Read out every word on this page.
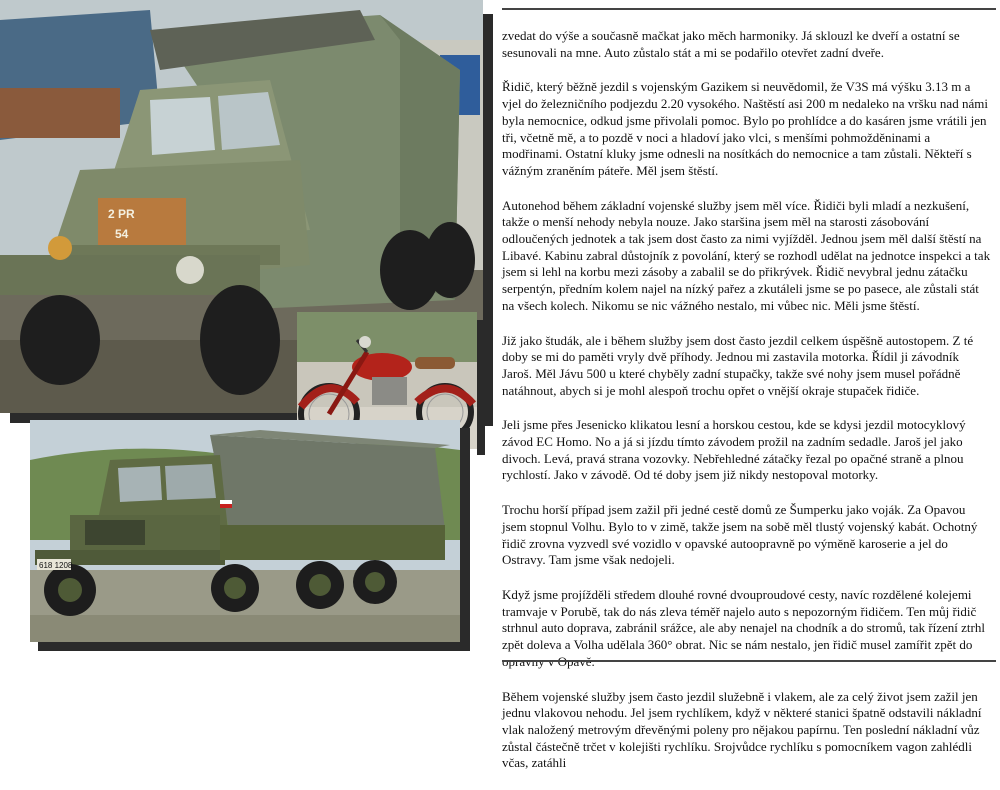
2 PR
54
618 1208

zvedat do výše a současně mačkat jako měch harmoniky. Já sklouzl ke dveří a ostatní se sesunovali na mne. Auto zůstalo stát a mi se podařilo otevřet zadní dveře.

Řidič, který běžně jezdil s vojenským Gazikem si neuvědomil, že V3S má výšku 3.13 m a vjel do železničního podjezdu 2.20 vysokého. Naštěstí asi 200 m nedaleko na vršku nad námi byla nemocnice, odkud jsme přivolali pomoc. Bylo po prohlídce a do kasáren jsme vrátili jen tři, včetně mě, a to pozdě v noci a hladoví jako vlci, s menšími pohmožděninami a modřinami. Ostatní kluky jsme odnesli na nosítkách do nemocnice a tam zůstali. Někteří s vážným zraněním páteře. Měl jsem štěstí.

Autonehod během základní vojenské služby jsem měl více. Řidiči byli mladí a nezkušení, takže o menší nehody nebyla nouze. Jako staršina jsem měl na starosti zásobování odloučených jednotek a tak jsem dost často za nimi vyjížděl. Jednou jsem měl další štěstí na Libavé. Kabinu zabral důstojník z povolání, který se rozhodl udělat na jednotce inspekci a tak jsem si lehl na korbu mezi zásoby a zabalil se do přikrývek. Řidič nevybral jednu zátačku serpentýn, předním kolem najel na nízký pařez a zkutáleli jsme se po pasece, ale zůstali stát na všech kolech. Nikomu se nic vážného nestalo, mi vůbec nic. Měli jsme štěstí.

Již jako študák, ale i během služby jsem dost často jezdil celkem úspěšně autostopem. Z té doby se mi do paměti vryly dvě příhody. Jednou mi zastavila motorka. Řídil ji závodník Jaroš. Měl Jávu 500 u které chyběly zadní stupačky, takže své nohy jsem musel pořádně natáhnout, abych si je mohl alespoň trochu opřet o vnější okraje stupaček řidiče.

Jeli jsme přes Jesenicko klikatou lesní a horskou cestou, kde se kdysi jezdil motocyklový závod EC Homo. No a já si jízdu tímto závodem prožil na zadním sedadle. Jaroš jel jako divoch. Levá, pravá strana vozovky. Nebřehledné zátačky řezal po opačné straně a plnou rychlostí. Jako v závodě. Od té doby jsem již nikdy nestopoval motorky.

Trochu horší případ jsem zažil při jedné cestě domů ze Šumperku jako voják. Za Opavou jsem stopnul Volhu. Bylo to v zimě, takže jsem na sobě měl tlustý vojenský kabát. Ochotný řidič zrovna vyzvedl své vozidlo v opavské autoopravně po výměně karoserie a jel do Ostravy. Tam jsme však nedojeli.

Když jsme projížděli středem dlouhé rovné dvouproudové cesty, navíc rozdělené kolejemi tramvaje v Porubě, tak do nás zleva téměř najelo auto s nepozorným řidičem. Ten můj řidič strhnul auto doprava, zabránil srážce, ale aby nenajel na chodník a do stromů, tak řízení ztrhl zpět doleva a Volha udělala 360° obrat. Nic se nám nestalo, jen řidič musel zamířit zpět do opravny v Opavě.

Během vojenské služby jsem často jezdil služebně i vlakem, ale za celý život jsem zažil jen jednu vlakovou nehodu. Jel jsem rychlíkem, když v některé stanici špatně odstavili nákladní vlak naložený metrovým dřevěnými poleny pro nějakou papírnu. Ten poslední nákladní vůz zůstal částečně trčet v kolejišti rychlíku. Srojvůdce rychlíku s pomocníkem vagon zahlédli včas, zatáhli
